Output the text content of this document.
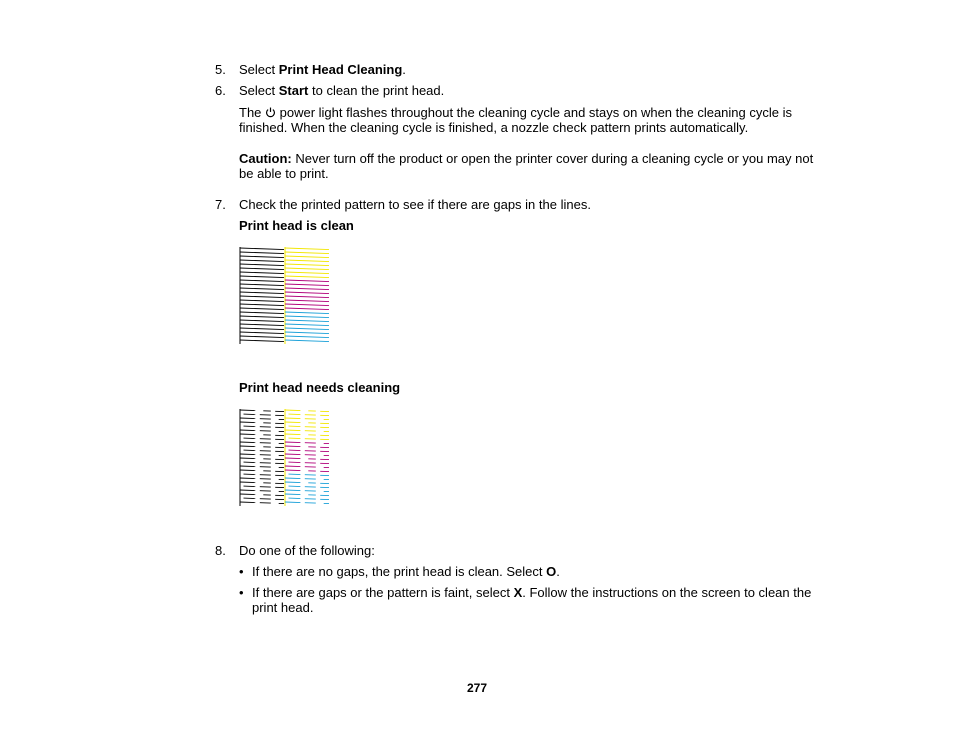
5.	Select Print Head Cleaning.
6.	Select Start to clean the print head.
The  power light flashes throughout the cleaning cycle and stays on when the cleaning cycle is
finished. When the cleaning cycle is finished, a nozzle check pattern prints automatically.
Caution: Never turn off the product or open the printer cover during a cleaning cycle or you may not
be able to print.
7.	Check the printed pattern to see if there are gaps in the lines.
Print head is clean
Print head needs cleaning
8.	Do one of the following:
• If there are no gaps, the print head is clean. Select O.
• If there are gaps or the pattern is faint, select X. Follow the instructions on the screen to clean the
print head.
277
